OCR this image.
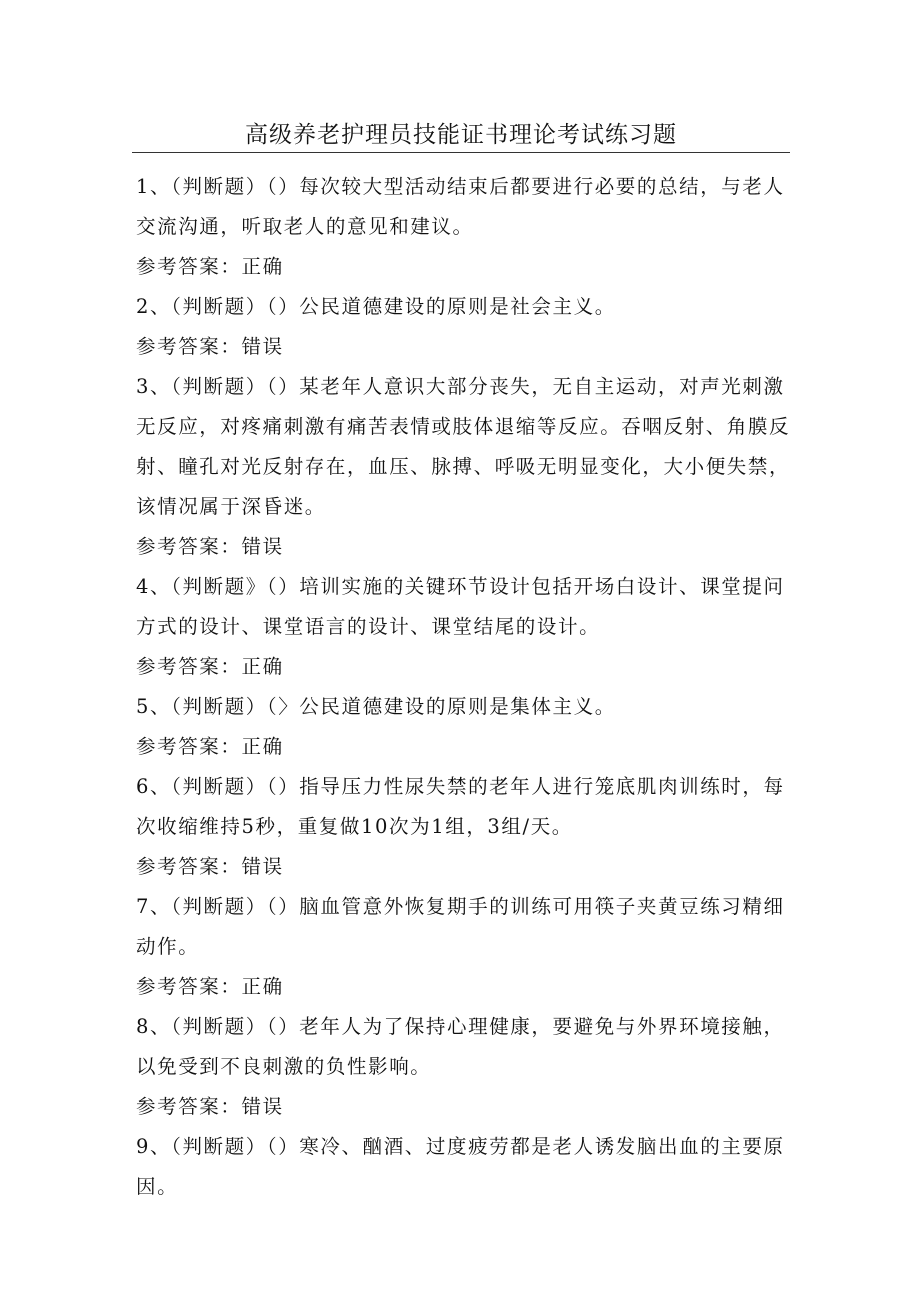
高级养老护理员技能证书理论考试练习题

1、（判断题）（）每次较大型活动结束后都要进行必要的总结，与老人交流沟通，听取老人的意见和建议。

参考答案：正确

2、（判断题）（）公民道德建设的原则是社会主义。

参考答案：错误

3、（判断题）（）某老年人意识大部分丧失，无自主运动，对声光刺激无反应，对疼痛刺激有痛苦表情或肢体退缩等反应。吞咽反射、角膜反射、瞳孔对光反射存在，血压、脉搏、呼吸无明显变化，大小便失禁，该情况属于深昏迷。

参考答案：错误

4、（判断题》（）培训实施的关键环节设计包括开场白设计、课堂提问方式的设计、课堂语言的设计、课堂结尾的设计。

参考答案：正确

5、（判断题）（〉公民道德建设的原则是集体主义。

参考答案：正确

6、（判断题）（）指导压力性尿失禁的老年人进行笼底肌肉训练时，每次收缩维持5秒，重复做10次为1组，3组/天。

参考答案：错误

7、（判断题）（）脑血管意外恢复期手的训练可用筷子夹黄豆练习精细动作。

参考答案：正确

8、（判断题）（）老年人为了保持心理健康，要避免与外界环境接触，以免受到不良刺激的负性影响。

参考答案：错误

9、（判断题）（）寒冷、酗酒、过度疲劳都是老人诱发脑出血的主要原因。
